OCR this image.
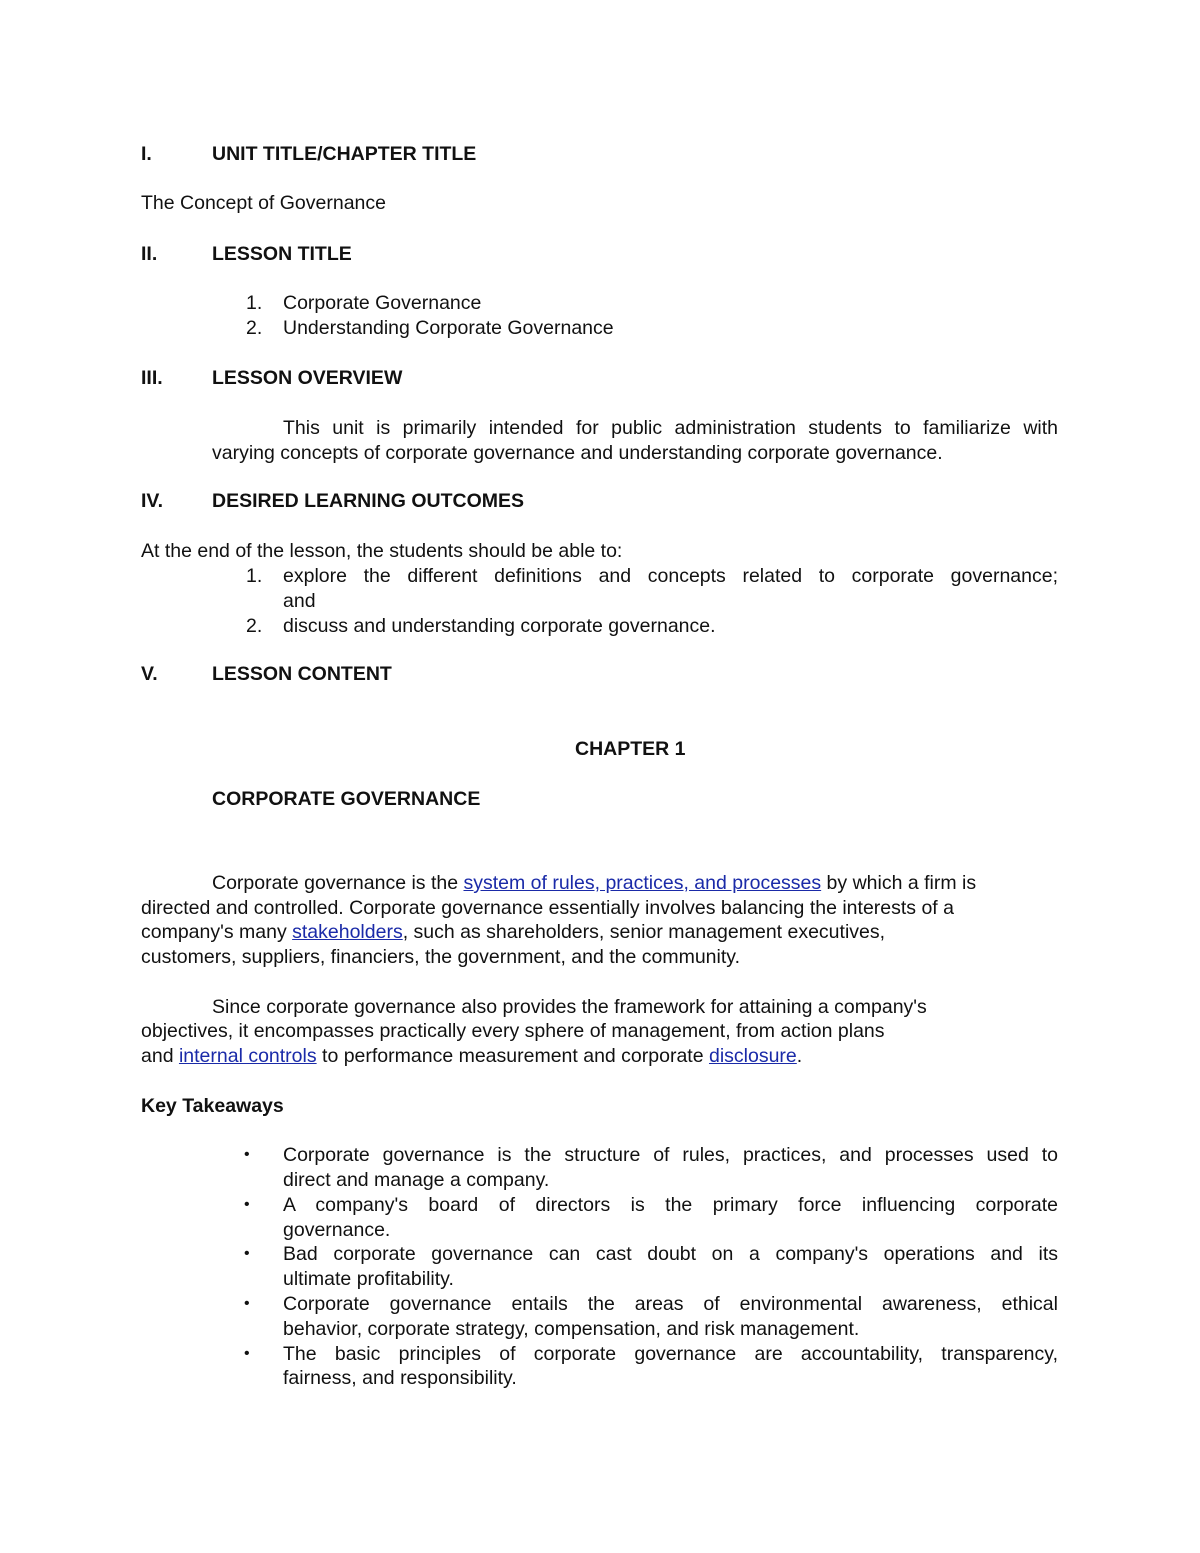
I.	UNIT TITLE/CHAPTER TITLE
The Concept of Governance
II.	LESSON TITLE
1. Corporate Governance
2. Understanding Corporate Governance
III.	LESSON OVERVIEW
This unit is primarily intended for public administration students to familiarize with
varying concepts of corporate governance and understanding corporate governance.
IV.	DESIRED LEARNING OUTCOMES
At the end of the lesson, the students should be able to:
1. explore the different definitions and concepts related to corporate governance;
and
2. discuss and understanding corporate governance.
V.	LESSON CONTENT
CHAPTER 1
CORPORATE GOVERNANCE
Corporate governance is the system of rules, practices, and processes by which a firm is
directed and controlled. Corporate governance essentially involves balancing the interests of a
company's many stakeholders, such as shareholders, senior management executives,
customers, suppliers, financiers, the government, and the community.
Since corporate governance also provides the framework for attaining a company's
objectives, it encompasses practically every sphere of management, from action plans
and internal controls to performance measurement and corporate disclosure.
Key Takeaways
• Corporate governance is the structure of rules, practices, and processes used to
direct and manage a company.
• A company's board of directors is the primary force influencing corporate
governance.
• Bad corporate governance can cast doubt on a company's operations and its
ultimate profitability.
• Corporate governance entails the areas of environmental awareness, ethical
behavior, corporate strategy, compensation, and risk management.
• The basic principles of corporate governance are accountability, transparency,
fairness, and responsibility.
